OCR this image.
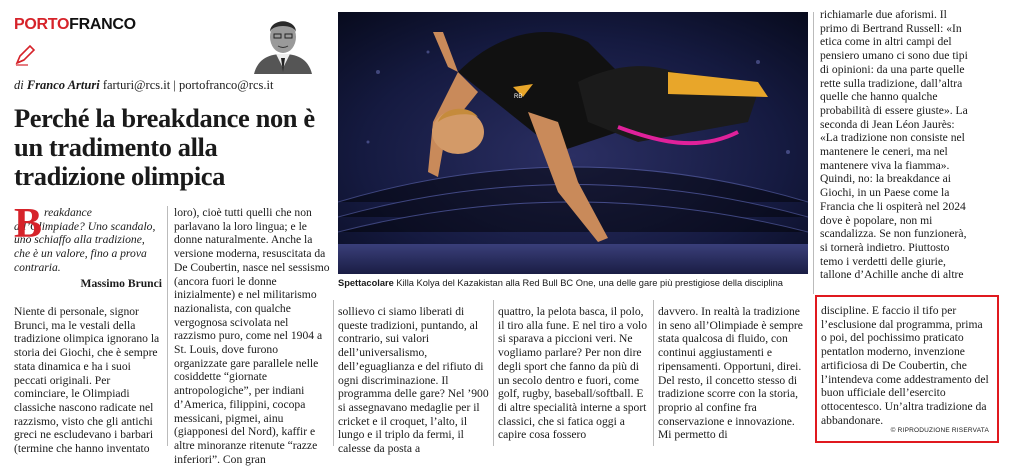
PORTOFRANCO
di Franco Arturi farturi@rcs.it | portofranco@rcs.it
Perché la breakdance non è un tradimento alla tradizione olimpica
B reakdance all’Olimpiade? Uno scandalo, uno schiaffo alla tradizione, che è un valore, fino a prova contraria.

Massimo Brunci
RB
Spettacolare Killa Kolya del Kazakistan alla Red Bull BC One, una delle gare più prestigiose della disciplina

Niente di personale, signor Brunci, ma le vestali della tradizione olimpica ignorano la storia dei Giochi, che è sempre stata dinamica e ha i suoi peccati originali. Per cominciare, le Olimpiadi classiche nascono radicate nel razzismo, visto che gli antichi greci ne escludevano i barbari (termine che hanno inventato

loro), cioè tutti quelli che non parlavano la loro lingua; e le donne naturalmente. Anche la versione moderna, resuscitata da De Coubertin, nasce nel sessismo (ancora fuori le donne inizialmente) e nel militarismo nazionalista, con qualche vergognosa scivolata nel razzismo puro, come nel 1904 a St. Louis, dove furono organizzate gare parallele nelle cosiddette “giornate antropologiche”, per indiani d’America, filippini, cocopa messicani, pigmei, ainu (giapponesi del Nord), kaffir e altre minoranze ritenute “razze inferiori”. Con gran

sollievo ci siamo liberati di queste tradizioni, puntando, al contrario, sui valori dell’universalismo, dell’eguaglianza e del rifiuto di ogni discriminazione. Il programma delle gare? Nel ’900 si assegnavano medaglie per il cricket e il croquet, l’alto, il lungo e il triplo da fermi, il calesse da posta a

quattro, la pelota basca, il polo, il tiro alla fune. E nel tiro a volo si sparava a piccioni veri. Ne vogliamo parlare? Per non dire degli sport che fanno da più di un secolo dentro e fuori, come golf, rugby, baseball/softball. E di altre specialità interne a sport classici, che si fatica oggi a capire cosa fossero

davvero. In realtà la tradizione in seno all’Olimpiade è sempre stata qualcosa di fluido, con continui aggiustamenti e ripensamenti. Opportuni, direi. Del resto, il concetto stesso di tradizione scorre con la storia, proprio al confine fra conservazione e innovazione. Mi permetto di

richiamarle due aforismi. Il primo di Bertrand Russell: «In etica come in altri campi del pensiero umano ci sono due tipi di opinioni: da una parte quelle rette sulla tradizione, dall’altra quelle che hanno qualche probabilità di essere giuste». La seconda di Jean Léon Jaurès: «La tradizione non consiste nel mantenere le ceneri, ma nel mantenere viva la fiamma». Quindi, no: la breakdance ai Giochi, in un Paese come la Francia che li ospiterà nel 2024 dove è popolare, non mi scandalizza. Se non funzionerà, si tornerà indietro. Piuttosto temo i verdetti delle giurie, tallone d’Achille anche di altre

discipline. E faccio il tifo per l’esclusione dal programma, prima o poi, del pochissimo praticato pentatlon moderno, invenzione artificiosa di De Coubertin, che l’intendeva come addestramento del buon ufficiale dell’esercito ottocentesco. Un’altra tradizione da abbandonare.

© RIPRODUZIONE RISERVATA
